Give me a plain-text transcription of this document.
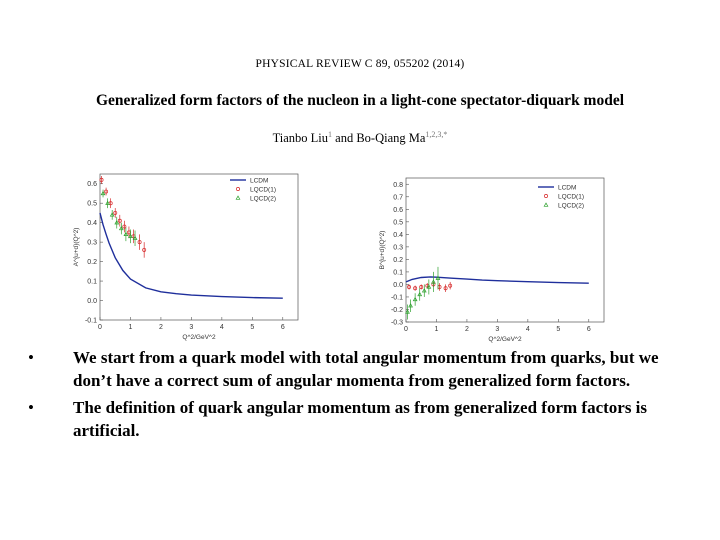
PHYSICAL REVIEW C 89, 055202 (2014)
Generalized form factors of the nucleon in a light-cone spectator-diquark model
Tianbo Liu$^1$ and Bo-Qiang $Ma^{1,2,3,*}$
0	1	2	3	4	5	6
-0.1
0.0
0.1
0.2
0.3
0.4
0.5
0.6
Q^2/GeV^2
A^{u+d}(Q^2)
LCDM
LQCD(1)
LQCD(2)
0	1	2	3	4	5	6
-0.3
-0.2
-0.1
0.0
0.1
0.2
0.3
0.4
0.5
0.6
0.7
0.8
Q^2/GeV^2
B^{u+d}(Q^2)
LCDM
LQCD(1)
LQCD(2)
• We start from a quark model with total angular momentum from quarks, but we don’t have a correct sum of angular momenta from generalized form factors.
• The definition of quark angular momentum as from generalized form factors is artificial.
